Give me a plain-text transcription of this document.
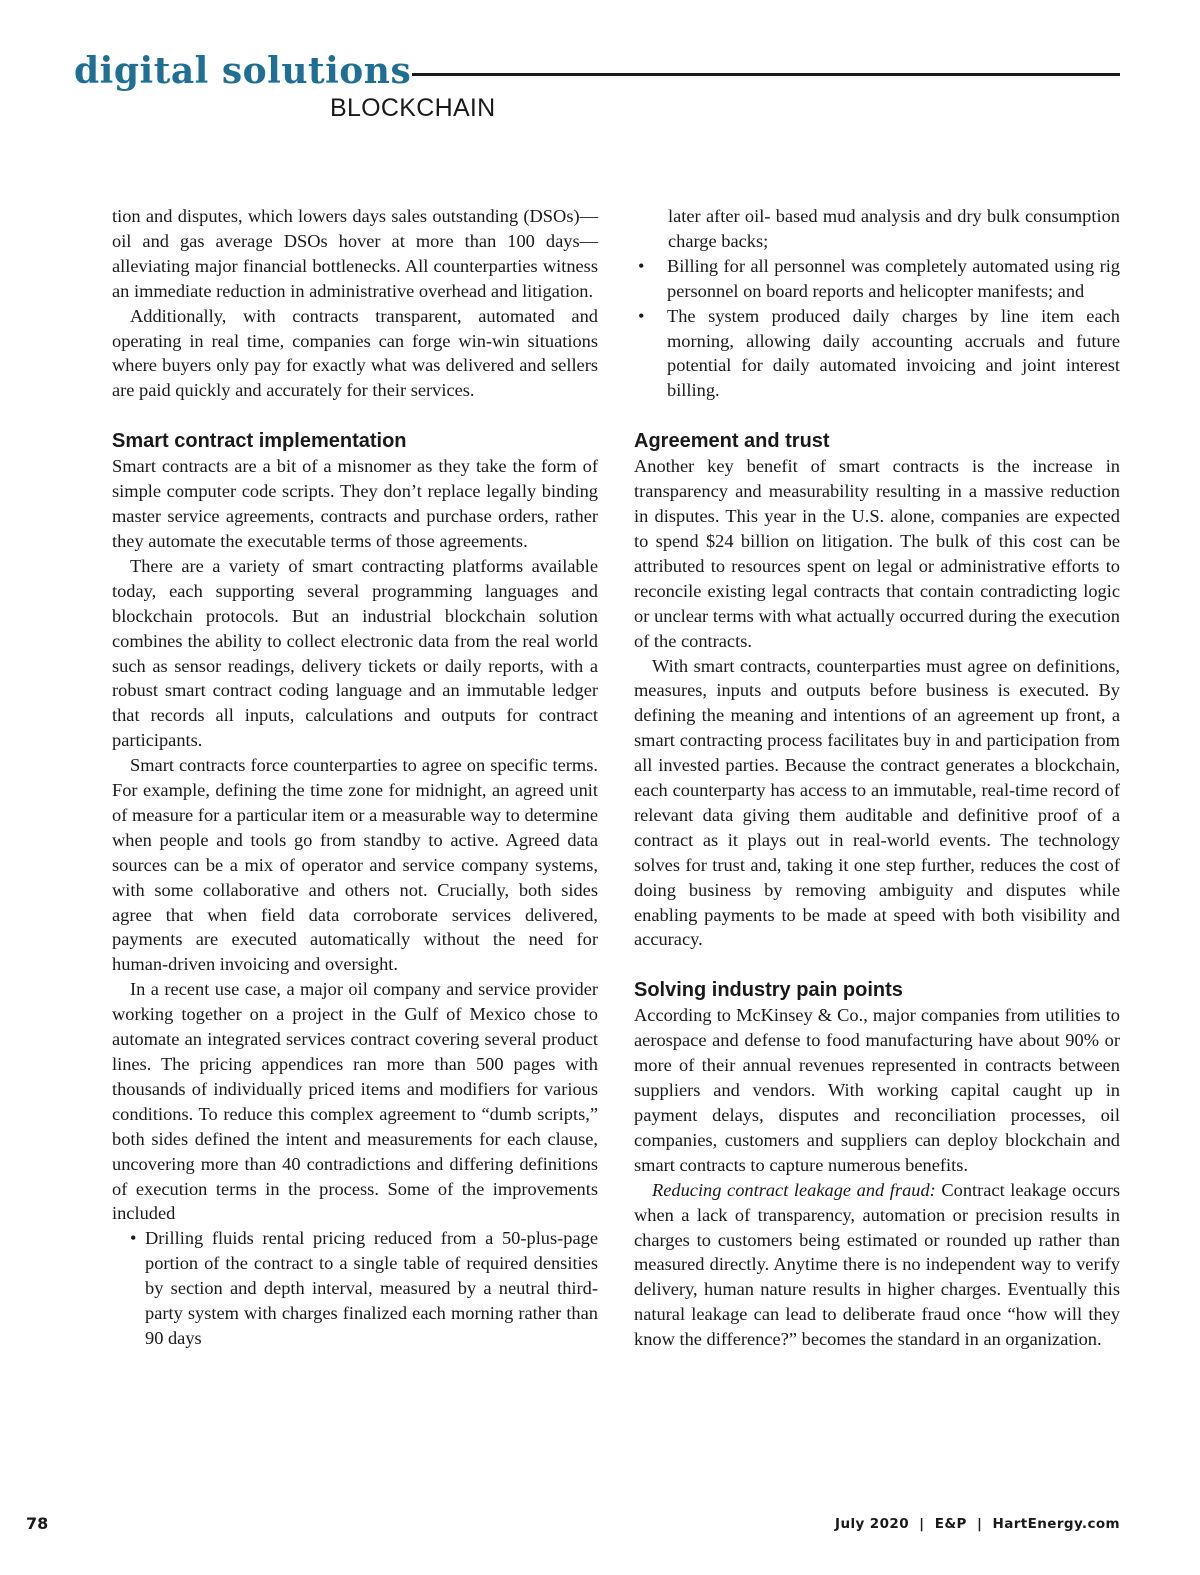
digital solutions
BLOCKCHAIN

tion and disputes, which lowers days sales outstanding (DSOs)—oil and gas average DSOs hover at more than 100 days—alleviating major financial bottlenecks. All counterparties witness an immediate reduction in administrative overhead and litigation.

Additionally, with contracts transparent, automated and operating in real time, companies can forge win-win situations where buyers only pay for exactly what was delivered and sellers are paid quickly and accurately for their services.

Smart contract implementation

Smart contracts are a bit of a misnomer as they take the form of simple computer code scripts. They don’t replace legally binding master service agreements, contracts and purchase orders, rather they automate the executable terms of those agreements.

There are a variety of smart contracting platforms available today, each supporting several programming languages and blockchain protocols. But an industrial blockchain solution combines the ability to collect electronic data from the real world such as sensor readings, delivery tickets or daily reports, with a robust smart contract coding language and an immutable ledger that records all inputs, calculations and outputs for contract participants.

Smart contracts force counterparties to agree on specific terms. For example, defining the time zone for midnight, an agreed unit of measure for a particular item or a measurable way to determine when people and tools go from standby to active. Agreed data sources can be a mix of operator and service company systems, with some collaborative and others not. Crucially, both sides agree that when field data corroborate services delivered, payments are executed automatically without the need for human-driven invoicing and oversight.

In a recent use case, a major oil company and service provider working together on a project in the Gulf of Mexico chose to automate an integrated services contract covering several product lines. The pricing appendices ran more than 500 pages with thousands of individually priced items and modifiers for various conditions. To reduce this complex agreement to “dumb scripts,” both sides defined the intent and measurements for each clause, uncovering more than 40 contradictions and differing definitions of execution terms in the process. Some of the improvements included

• Drilling fluids rental pricing reduced from a 50-plus-page portion of the contract to a single table of required densities by section and depth interval, measured by a neutral third-party system with charges finalized each morning rather than 90 days

later after oil- based mud analysis and dry bulk consumption charge backs;

• Billing for all personnel was completely automated using rig personnel on board reports and helicopter manifests; and
• The system produced daily charges by line item each morning, allowing daily accounting accruals and future potential for daily automated invoicing and joint interest billing.
Agreement and trust

Another key benefit of smart contracts is the increase in transparency and measurability resulting in a massive reduction in disputes. This year in the U.S. alone, companies are expected to spend $24 billion on litigation. The bulk of this cost can be attributed to resources spent on legal or administrative efforts to reconcile existing legal contracts that contain contradicting logic or unclear terms with what actually occurred during the execution of the contracts.

With smart contracts, counterparties must agree on definitions, measures, inputs and outputs before business is executed. By defining the meaning and intentions of an agreement up front, a smart contracting process facilitates buy in and participation from all invested parties. Because the contract generates a blockchain, each counterparty has access to an immutable, real-time record of relevant data giving them auditable and definitive proof of a contract as it plays out in real-world events. The technology solves for trust and, taking it one step further, reduces the cost of doing business by removing ambiguity and disputes while enabling payments to be made at speed with both visibility and accuracy.

Solving industry pain points

According to McKinsey & Co., major companies from utilities to aerospace and defense to food manufacturing have about 90% or more of their annual revenues represented in contracts between suppliers and vendors. With working capital caught up in payment delays, disputes and reconciliation processes, oil companies, customers and suppliers can deploy blockchain and smart contracts to capture numerous benefits.

Reducing contract leakage and fraud: Contract leakage occurs when a lack of transparency, automation or precision results in charges to customers being estimated or rounded up rather than measured directly. Anytime there is no independent way to verify delivery, human nature results in higher charges. Eventually this natural leakage can lead to deliberate fraud once “how will they know the difference?” becomes the standard in an organization.

78	July 2020  |  E&P  |  HartEnergy.com
